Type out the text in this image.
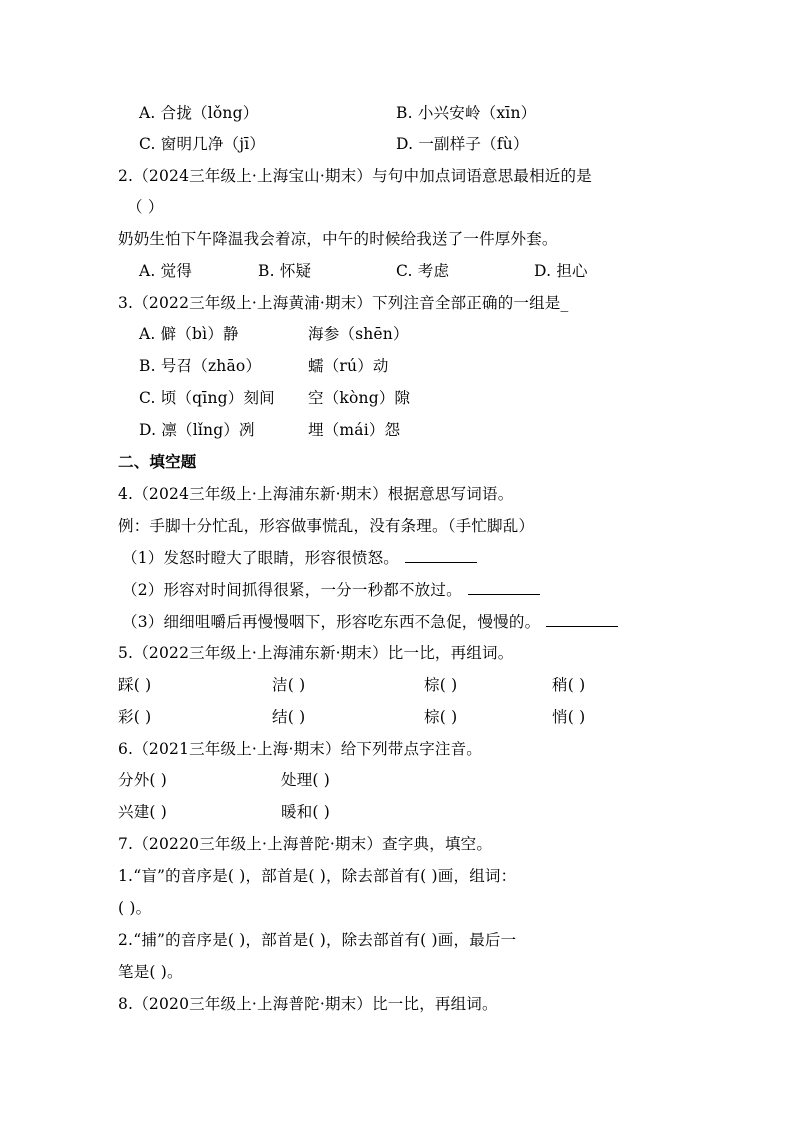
A. 合拢（lǒng）	B. 小兴安岭（xīn）
C. 窗明几净（jī）	D. 一副样子（fù）
2.（2024三年级上·上海宝山·期末）与句中加点词语意思最相近的是
（ ）
奶奶生怕下午降温我会着凉，中午的时候给我送了一件厚外套。
A. 觉得	B. 怀疑	C. 考虑	D. 担心
3.（2022三年级上·上海黄浦·期末）下列注音全部正确的一组是_
A. 僻（bì）静	海参（shēn）
B. 号召（zhāo）	蠕（rú）动
C. 顷（qīng）刻间 空（kòng）隙
D. 凛（lǐng）冽	埋（mái）怨
二、填空题
4.（2024三年级上·上海浦东新·期末）根据意思写词语。
例：手脚十分忙乱，形容做事慌乱，没有条理。（手忙脚乱）
（1）发怒时瞪大了眼睛，形容很愤怒。
（2）形容对时间抓得很紧，一分一秒都不放过。
（3）细细咀嚼后再慢慢咽下，形容吃东西不急促，慢慢的。
5.（2022三年级上·上海浦东新·期末）比一比，再组词。
踩( )	洁( )	棕( )	稍( )
彩( )	结( )	棕( )	悄( )
6.（2021三年级上·上海·期末）给下列带点字注音。
分外( )	处理( )
兴建( )	暖和( )
7.（20220三年级上·上海普陀·期末）查字典，填空。
1.“盲”的音序是( )，部首是( )，除去部首有( )画，组词：
( )。
2.“捕”的音序是( )，部首是( )，除去部首有( )画，最后一
笔是( )。
8.（2020三年级上·上海普陀·期末）比一比，再组词。
